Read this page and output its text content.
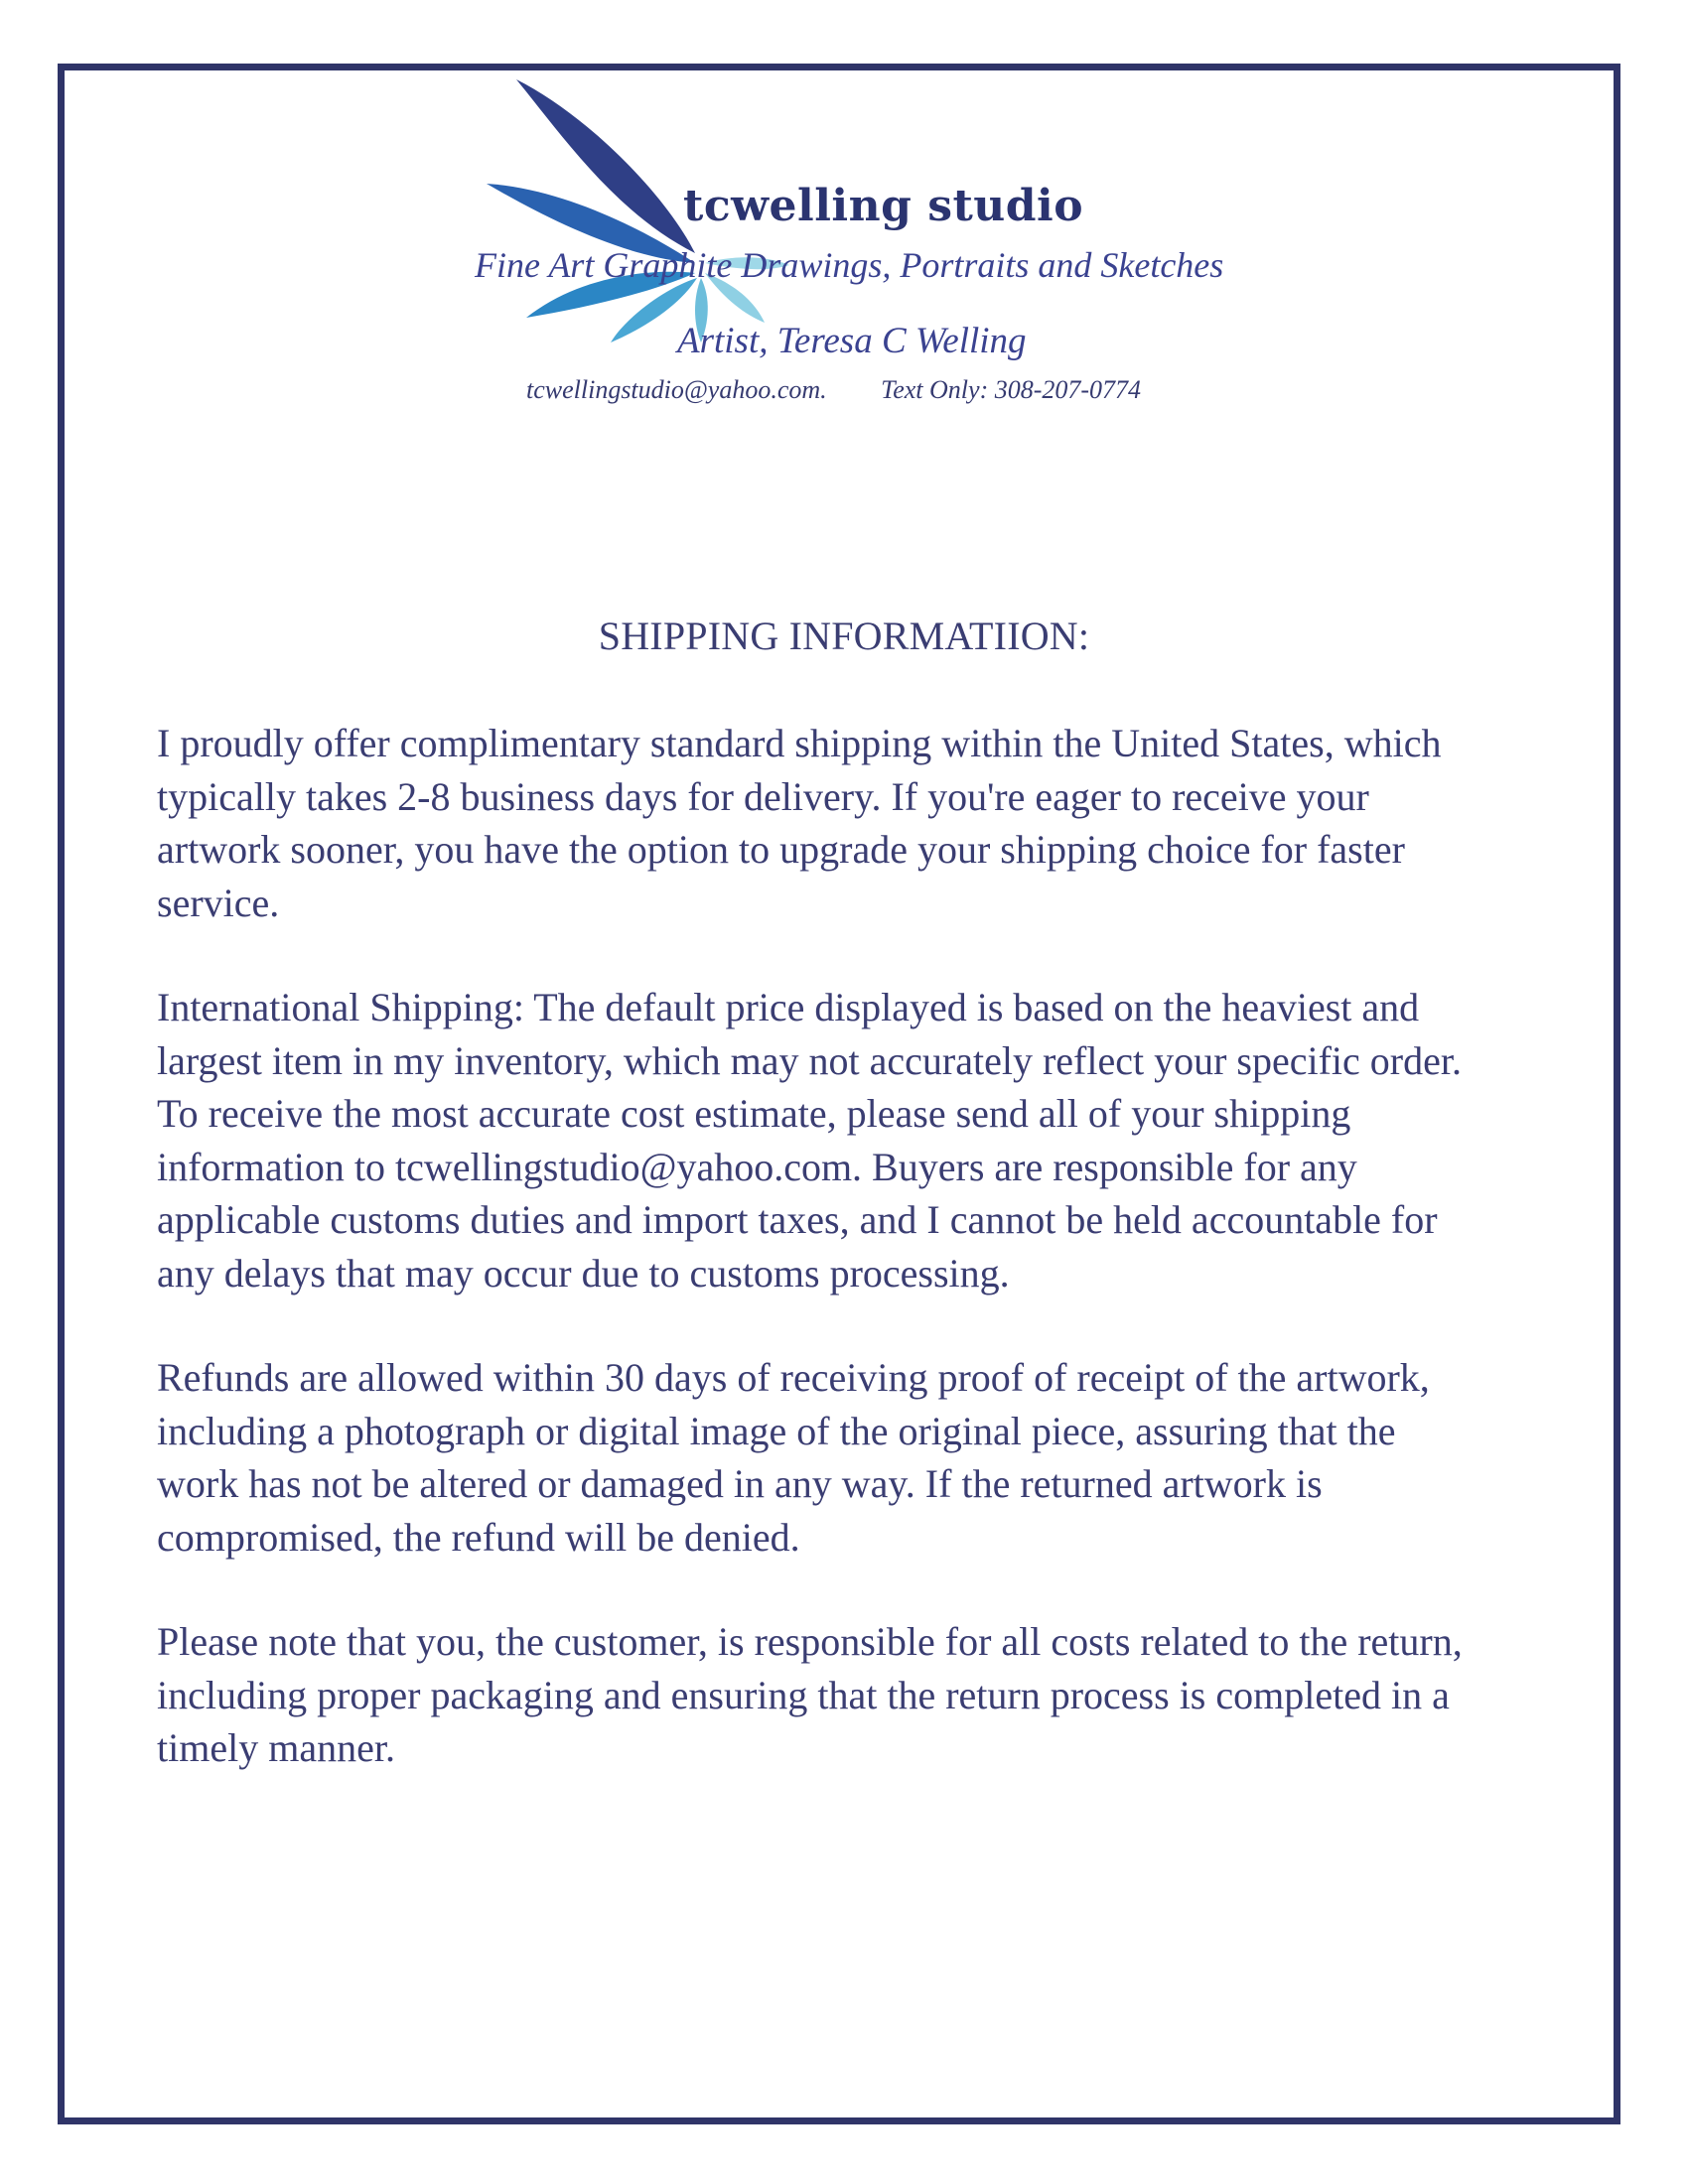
tcwelling studio
Fine Art Graphite Drawings, Portraits and Sketches
Artist, Teresa C Welling
tcwellingstudio@yahoo.com. Text Only: 308-207-0774
SHIPPING INFORMATIION:

I proudly offer complimentary standard shipping within the United States, which
typically takes 2-8 business days for delivery. If you're eager to receive your
artwork sooner, you have the option to upgrade your shipping choice for faster
service.

International Shipping: The default price displayed is based on the heaviest and
largest item in my inventory, which may not accurately reflect your specific order.
To receive the most accurate cost estimate, please send all of your shipping
information to tcwellingstudio@yahoo.com. Buyers are responsible for any
applicable customs duties and import taxes, and I cannot be held accountable for
any delays that may occur due to customs processing.

Refunds are allowed within 30 days of receiving proof of receipt of the artwork,
including a photograph or digital image of the original piece, assuring that the
work has not be altered or damaged in any way. If the returned artwork is
compromised, the refund will be denied.

Please note that you, the customer, is responsible for all costs related to the return,
including proper packaging and ensuring that the return process is completed in a
timely manner.
